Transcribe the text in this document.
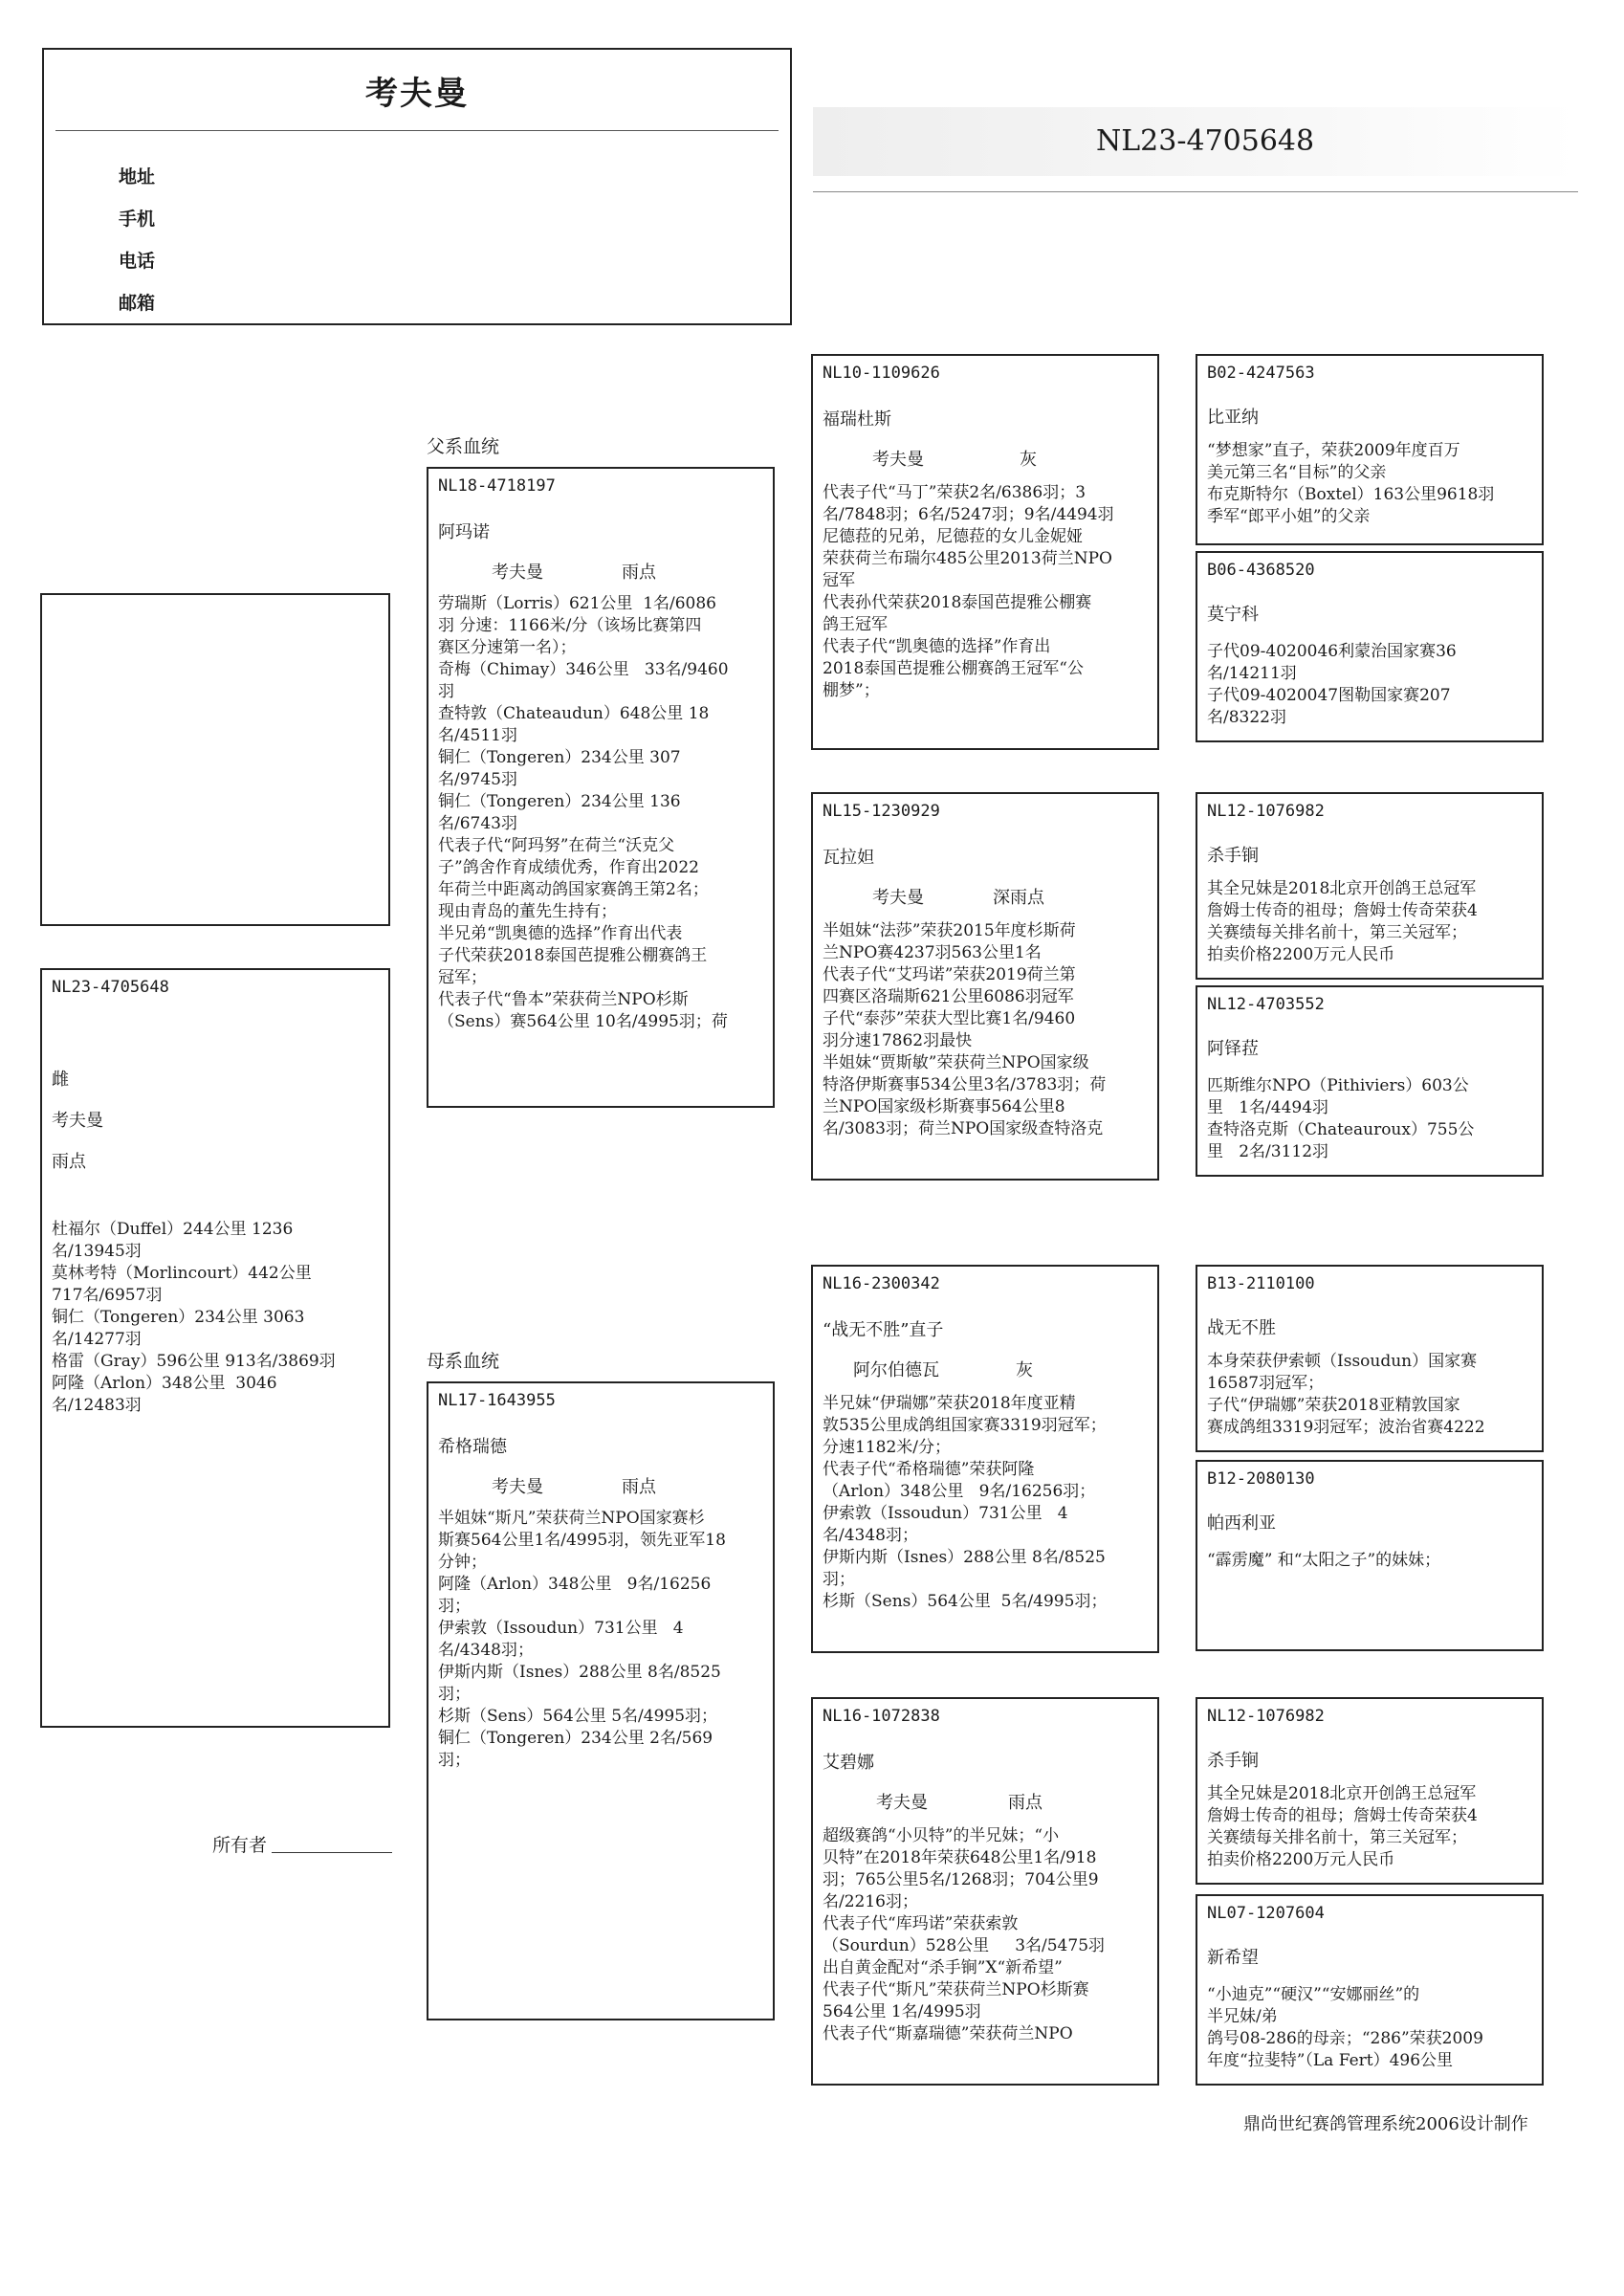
考夫曼
地址
手机
电话
邮箱
NL23-4705648
父系血统
母系血统
NL23-4705648
雌
考夫曼
雨点
杜福尔（Duffel）244公里 1236
名/13945羽
莫林考特（Morlincourt）442公里
717名/6957羽
铜仁（Tongeren）234公里 3063
名/14277羽
格雷（Gray）596公里 913名/3869羽
阿隆（Arlon）348公里  3046
名/12483羽
NL18-4718197
阿玛诺
考夫曼	雨点
劳瑞斯（Lorris）621公里  1名/6086
羽 分速：1166米/分（该场比赛第四
赛区分速第一名）；
奇梅（Chimay）346公里   33名/9460
羽
查特敦（Chateaudun）648公里 18
名/4511羽
铜仁（Tongeren）234公里 307
名/9745羽
铜仁（Tongeren）234公里 136
名/6743羽
代表子代“阿玛努”在荷兰“沃克父
子”鸽舍作育成绩优秀，作育出2022
年荷兰中距离动鸽国家赛鸽王第2名；
现由青岛的董先生持有；
半兄弟“凯奥德的选择”作育出代表
子代荣获2018泰国芭提雅公棚赛鸽王
冠军；
代表子代“鲁本”荣获荷兰NPO杉斯
（Sens）赛564公里 10名/4995羽；荷
NL17-1643955
希格瑞德
考夫曼	雨点
半姐妹“斯凡”荣获荷兰NPO国家赛杉
斯赛564公里1名/4995羽，领先亚军18
分钟；
阿隆（Arlon）348公里   9名/16256
羽；
伊索敦（Issoudun）731公里   4
名/4348羽；
伊斯内斯（Isnes）288公里 8名/8525
羽；
杉斯（Sens）564公里 5名/4995羽；
铜仁（Tongeren）234公里 2名/569
羽；
NL10-1109626
福瑞杜斯
考夫曼	灰
代表子代“马丁”荣获2名/6386羽；3
名/7848羽；6名/5247羽；9名/4494羽
尼德菈的兄弟，尼德菈的女儿金妮娅
荣获荷兰布瑞尔485公里2013荷兰NPO
冠军
代表孙代荣获2018泰国芭提雅公棚赛
鸽王冠军
代表子代“凯奥德的选择”作育出
2018泰国芭提雅公棚赛鸽王冠军“公
棚梦”；
NL15-1230929
瓦拉妲
考夫曼	深雨点
半姐妹“法莎”荣获2015年度杉斯荷
兰NPO赛4237羽563公里1名
代表子代“艾玛诺”荣获2019荷兰第
四赛区洛瑞斯621公里6086羽冠军
子代“泰莎”荣获大型比赛1名/9460
羽分速17862羽最快
半姐妹“贾斯敏”荣获荷兰NPO国家级
特洛伊斯赛事534公里3名/3783羽；荷
兰NPO国家级杉斯赛事564公里8
名/3083羽；荷兰NPO国家级查特洛克
NL16-2300342
“战无不胜”直子
阿尔伯德瓦	灰
半兄妹“伊瑞娜”荣获2018年度亚精
敦535公里成鸽组国家赛3319羽冠军；
分速1182米/分；
代表子代“希格瑞德”荣获阿隆
（Arlon）348公里   9名/16256羽；
伊索敦（Issoudun）731公里   4
名/4348羽；
伊斯内斯（Isnes）288公里 8名/8525
羽；
杉斯（Sens）564公里  5名/4995羽；
NL16-1072838
艾碧娜
考夫曼	雨点
超级赛鸽“小贝特”的半兄妹；“小
贝特”在2018年荣获648公里1名/918
羽；765公里5名/1268羽；704公里9
名/2216羽；
代表子代“库玛诺”荣获索敦
（Sourdun）528公里     3名/5475羽
出自黄金配对“杀手锏”X“新希望”
代表子代“斯凡”荣获荷兰NPO杉斯赛
564公里 1名/4995羽
代表子代“斯嘉瑞德”荣获荷兰NPO
B02-4247563
比亚纳
“梦想家”直子，荣获2009年度百万
美元第三名“目标”的父亲
布克斯特尔（Boxtel）163公里9618羽
季军“郎平小姐”的父亲
B06-4368520
莫宁科
子代09-4020046利蒙治国家赛36
名/14211羽
子代09-4020047图勒国家赛207
名/8322羽
NL12-1076982
杀手锏
其全兄妹是2018北京开创鸽王总冠军
詹姆士传奇的祖母；詹姆士传奇荣获4
关赛绩每关排名前十，第三关冠军；
拍卖价格2200万元人民币
NL12-4703552
阿铎菈
匹斯维尔NPO（Pithiviers）603公
里   1名/4494羽
查特洛克斯（Chateauroux）755公
里   2名/3112羽
B13-2110100
战无不胜
本身荣获伊索顿（Issoudun）国家赛
16587羽冠军；
子代“伊瑞娜”荣获2018亚精敦国家
赛成鸽组3319羽冠军；波治省赛4222
B12-2080130
帕西利亚
“霹雳魔” 和“太阳之子”的妹妹；
NL12-1076982
杀手锏
其全兄妹是2018北京开创鸽王总冠军
詹姆士传奇的祖母；詹姆士传奇荣获4
关赛绩每关排名前十，第三关冠军；
拍卖价格2200万元人民币
NL07-1207604
新希望
“小迪克”“硬汉”“安娜丽丝”的
半兄妹/弟
鸽号08-286的母亲；“286”荣获2009
年度“拉斐特”（La Fert）496公里
所有者
鼎尚世纪赛鸽管理系统2006设计制作
